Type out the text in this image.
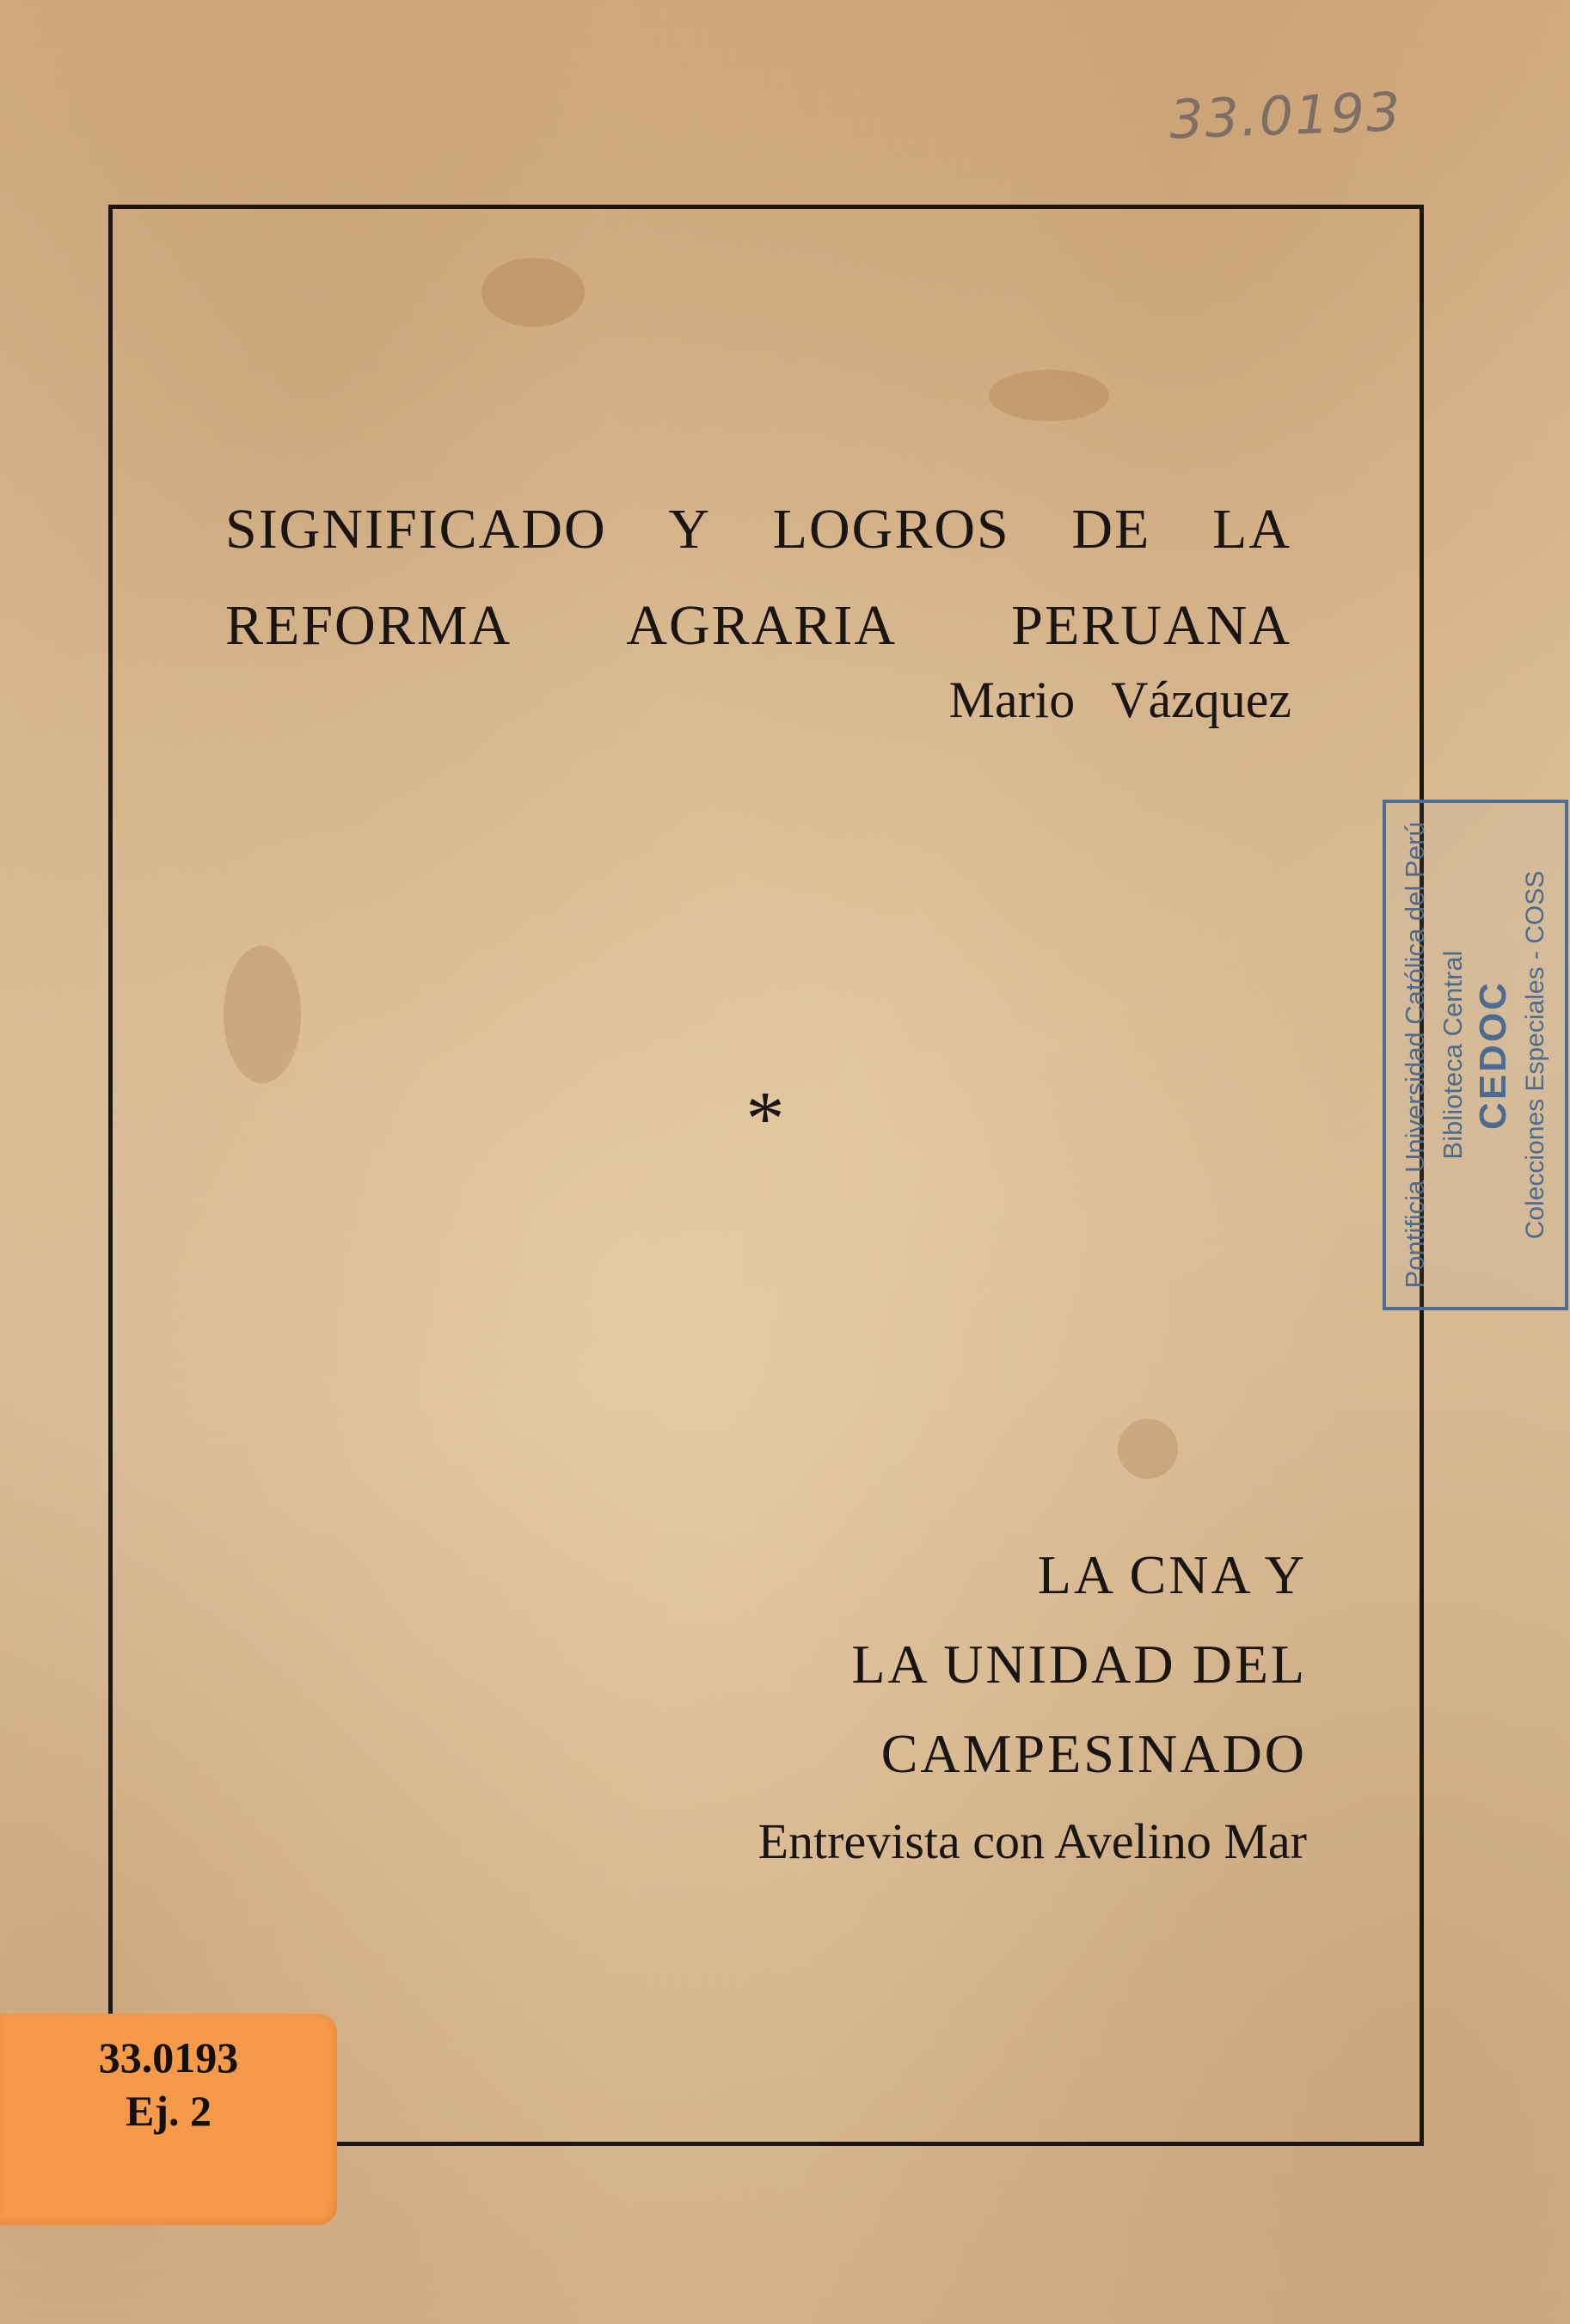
33.0193
SIGNIFICADO Y LOGROS DE LA
REFORMA AGRARIA PERUANA
Mario Vázquez
*
LA CNA Y
LA UNIDAD DEL
CAMPESINADO
Entrevista con Avelino Mar
Pontificia Universidad Católica del Perú Biblioteca Central CEDOC Colecciones Especiales - COSS
33.0193
Ej. 2
